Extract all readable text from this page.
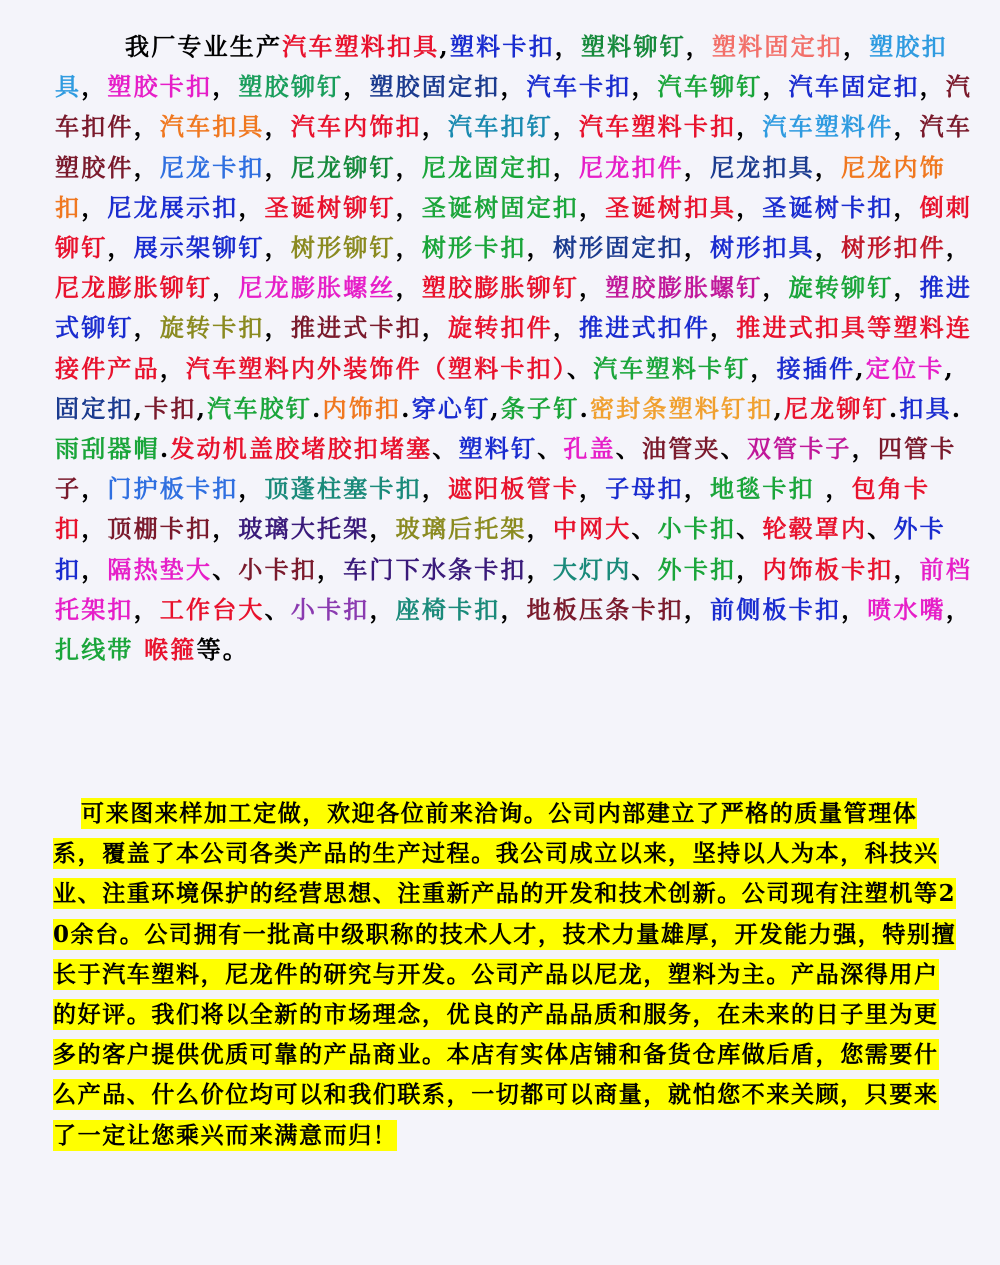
我厂专业生产汽车塑料扣具,塑料卡扣，塑料铆钉，塑料固定扣，塑胶扣具，塑胶卡扣，塑胶铆钉，塑胶固定扣，汽车卡扣，汽车铆钉，汽车固定扣，汽车扣件，汽车扣具，汽车内饰扣，汽车扣钉，汽车塑料卡扣，汽车塑料件，汽车塑胶件，尼龙卡扣，尼龙铆钉，尼龙固定扣，尼龙扣件，尼龙扣具，尼龙内饰扣，尼龙展示扣，圣诞树铆钉，圣诞树固定扣，圣诞树扣具，圣诞树卡扣，倒刺铆钉，展示架铆钉，树形铆钉，树形卡扣，树形固定扣，树形扣具，树形扣件，尼龙膨胀铆钉，尼龙膨胀螺丝，塑胶膨胀铆钉，塑胶膨胀螺钉，旋转铆钉，推进式铆钉，旋转卡扣，推进式卡扣，旋转扣件，推进式扣件，推进式扣具等塑料连接件产品，汽车塑料内外装饰件（塑料卡扣）、汽车塑料卡钉，接插件,定位卡,固定扣,卡扣,汽车胶钉.内饰扣.穿心钉,条子钉.密封条塑料钉扣,尼龙铆钉.扣具.雨刮器帽.发动机盖胶堵胶扣堵塞、塑料钉、孔盖、油管夹、双管卡子，四管卡子，门护板卡扣，顶蓬柱塞卡扣，遮阳板管卡，子母扣，地毯卡扣 ，包角卡扣，顶棚卡扣，玻璃大托架，玻璃后托架，中网大、小卡扣、轮毂罩内、外卡扣，隔热垫大、小卡扣，车门下水条卡扣，大灯内、外卡扣，内饰板卡扣，前档托架扣，工作台大、小卡扣，座椅卡扣，地板压条卡扣，前侧板卡扣，喷水嘴， 扎线带 喉箍等。

可来图来样加工定做，欢迎各位前来洽询。公司内部建立了严格的质量管理体系，覆盖了本公司各类产品的生产过程。我公司成立以来，坚持以人为本，科技兴业、注重环境保护的经营思想、注重新产品的开发和技术创新。公司现有注塑机等20余台。公司拥有一批高中级职称的技术人才，技术力量雄厚，开发能力强，特别擅长于汽车塑料，尼龙件的研究与开发。公司产品以尼龙，塑料为主。产品深得用户的好评。我们将以全新的市场理念，优良的产品品质和服务，在未来的日子里为更多的客户提供优质可靠的产品商业。本店有实体店铺和备货仓库做后盾，您需要什么产品、什么价位均可以和我们联系，一切都可以商量，就怕您不来关顾，只要来了一定让您乘兴而来满意而归！
